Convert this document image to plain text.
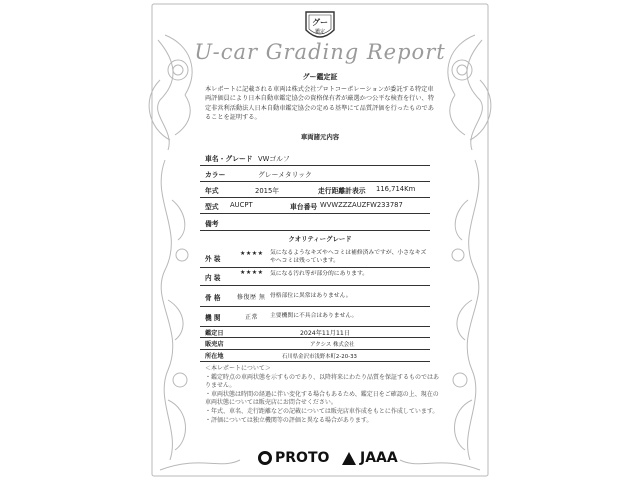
グー
鑑定
U-car Grading Report
グー鑑定証
本レポートに記載される車両は株式会社プロトコーポレーションが委託する特定車両評価員により日本自動車鑑定協会の資格保有者が厳選かつ公平な検査を行い、特定非営利活動法人日本自動車鑑定協会の定める基準にて品質評価を行ったものであることを証明する。
車両諸元内容
車名・グレード VWゴルフ
カラー	グレーメタリック
年式	2015年	走行距離計表示 116,714Km
型式 AUCPT	車台番号 WVWZZZAUZFW233787
備考
クオリティーグレード
外 装
★★★★ 気になるようなキズやヘコミは補修済みですが、小さなキズやヘコミは残っています。
内 装
★★★★ 気になる汚れ等が部分的にあります。
骨 格	修復歴 無 骨格部位に異常はありません。
機 関	正常 主要機関に不具合はありません。
鑑定日	2024年11月11日
販売店	アクシス 株式会社
所在地	石川県金沢市浅野本町2-20-33
＜本レポートについて＞
・鑑定時点の車両状態を示すものであり、以降将来にわたり品質を保証するものではありません。
・車両状態は時間の経過に伴い変化する場合もあるため、鑑定日をご確認の上、現在の車両状態については販売店にお問合せください。
・年式、車名、走行距離などの記載については販売店車作成をもとに作成しています。
・評価については独立機関等の評価と異なる場合があります。
PROTO JAAA
